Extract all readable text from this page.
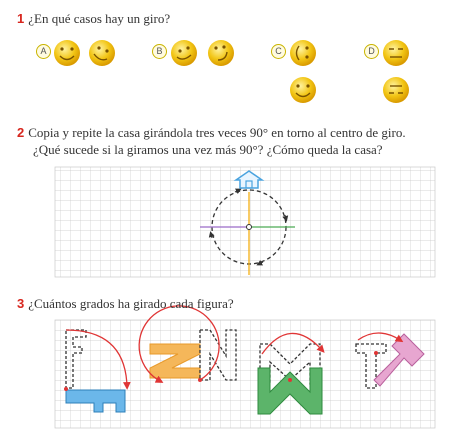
1 ¿En qué casos hay un giro?
A	B	C	D
2 Copia y repite la casa girándola tres veces 90° en torno al centro de giro.
¿Qué sucede si la giramos una vez más 90°? ¿Cómo queda la casa?
3 ¿Cuántos grados ha girado cada figura?
